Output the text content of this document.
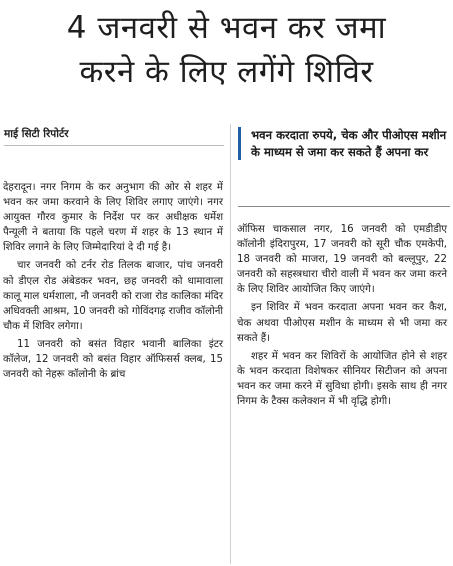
4 जनवरी से भवन कर जमा
करने के लिए लगेंगे शिविर
माई सिटी रिपोर्टर

देहरादून। नगर निगम के कर अनुभाग की ओर से शहर में भवन कर जमा करवाने के लिए शिविर लगाए जाएंगे। नगर आयुक्त गौरव कुमार के निर्देश पर कर अधीक्षक धर्मेश पैन्यूली ने बताया कि पहले चरण में शहर के 13 स्थान में शिविर लगाने के लिए जिम्मेदारियां दे दी गई है।

चार जनवरी को टर्नर रोड तिलक बाजार, पांच जनवरी को डीएल रोड अंबेडकर भवन, छह जनवरी को धामावाला कालू माल धर्मशाला, नौ जनवरी को राजा रोड कालिका मंदिर अधिवक्ती आश्रम, 10 जनवरी को गोविंदगढ़ राजीव कॉलोनी चौक में शिविर लगेगा।

11 जनवरी को बसंत विहार भवानी बालिका इंटर कॉलेज, 12 जनवरी को बसंत विहार ऑफिसर्स क्लब, 15 जनवरी को नेहरू कॉलोनी के ब्रांच

भवन करदाता रुपये, चेक और पीओएस मशीन के माध्यम से जमा कर सकते हैं अपना कर

ऑफिस चाकसाल नगर, 16 जनवरी को एमडीडीए कॉलोनी इंदिरापुरम, 17 जनवरी को सूरी चौक एमकेपी, 18 जनवरी को माजरा, 19 जनवरी को बल्लूपुर, 22 जनवरी को सहस्त्रधारा चीरो वाली में भवन कर जमा करने के लिए शिविर आयोजित किए जाएंगे।

इन शिविर में भवन करदाता अपना भवन कर कैश, चेक अथवा पीओएस मशीन के माध्यम से भी जमा कर सकते हैं।

शहर में भवन कर शिविरों के आयोजित होने से शहर के भवन करदाता विशेषकर सीनियर सिटीजन को अपना भवन कर जमा करने में सुविधा होगी। इसके साथ ही नगर निगम के टैक्स कलेक्शन में भी वृद्धि होगी।
